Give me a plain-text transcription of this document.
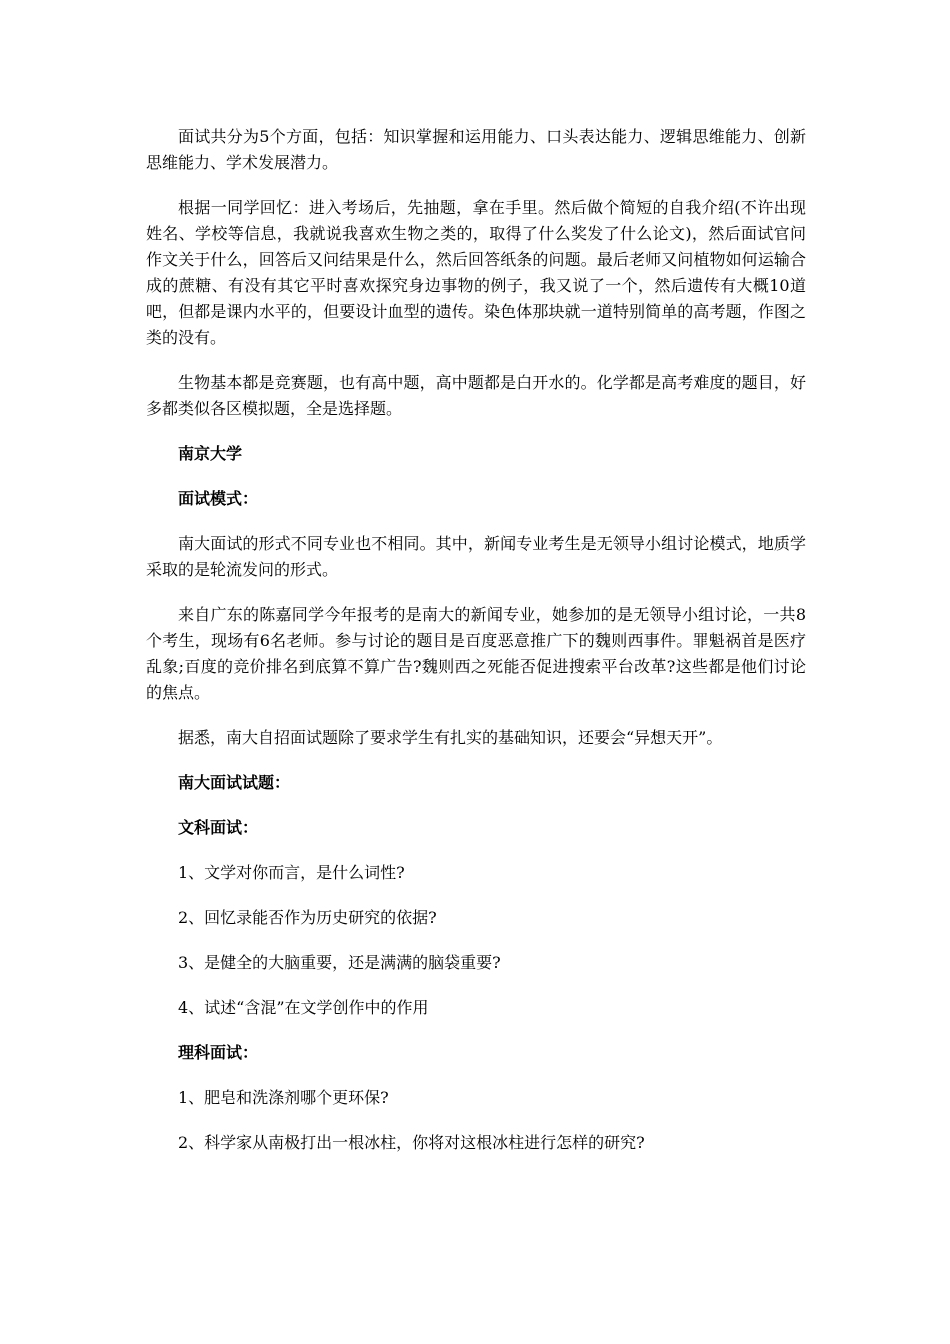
面试共分为5个方面，包括：知识掌握和运用能力、口头表达能力、逻辑思维能力、创新思维能力、学术发展潜力。

根据一同学回忆：进入考场后，先抽题，拿在手里。然后做个简短的自我介绍(不许出现姓名、学校等信息，我就说我喜欢生物之类的，取得了什么奖发了什么论文)，然后面试官问作文关于什么，回答后又问结果是什么，然后回答纸条的问题。最后老师又问植物如何运输合成的蔗糖、有没有其它平时喜欢探究身边事物的例子，我又说了一个，然后遗传有大概10道吧，但都是课内水平的，但要设计血型的遗传。染色体那块就一道特别简单的高考题，作图之类的没有。

生物基本都是竞赛题，也有高中题，高中题都是白开水的。化学都是高考难度的题目，好多都类似各区模拟题，全是选择题。

南京大学

面试模式：

南大面试的形式不同专业也不相同。其中，新闻专业考生是无领导小组讨论模式，地质学采取的是轮流发问的形式。

来自广东的陈嘉同学今年报考的是南大的新闻专业，她参加的是无领导小组讨论，一共8个考生，现场有6名老师。参与讨论的题目是百度恶意推广下的魏则西事件。罪魁祸首是医疗乱象;百度的竞价排名到底算不算广告?魏则西之死能否促进搜索平台改革?这些都是他们讨论的焦点。

据悉，南大自招面试题除了要求学生有扎实的基础知识，还要会“异想天开”。

南大面试试题：

文科面试：

1、文学对你而言，是什么词性?

2、回忆录能否作为历史研究的依据?

3、是健全的大脑重要，还是满满的脑袋重要?

4、试述“含混”在文学创作中的作用

理科面试：

1、肥皂和洗涤剂哪个更环保?

2、科学家从南极打出一根冰柱，你将对这根冰柱进行怎样的研究?
